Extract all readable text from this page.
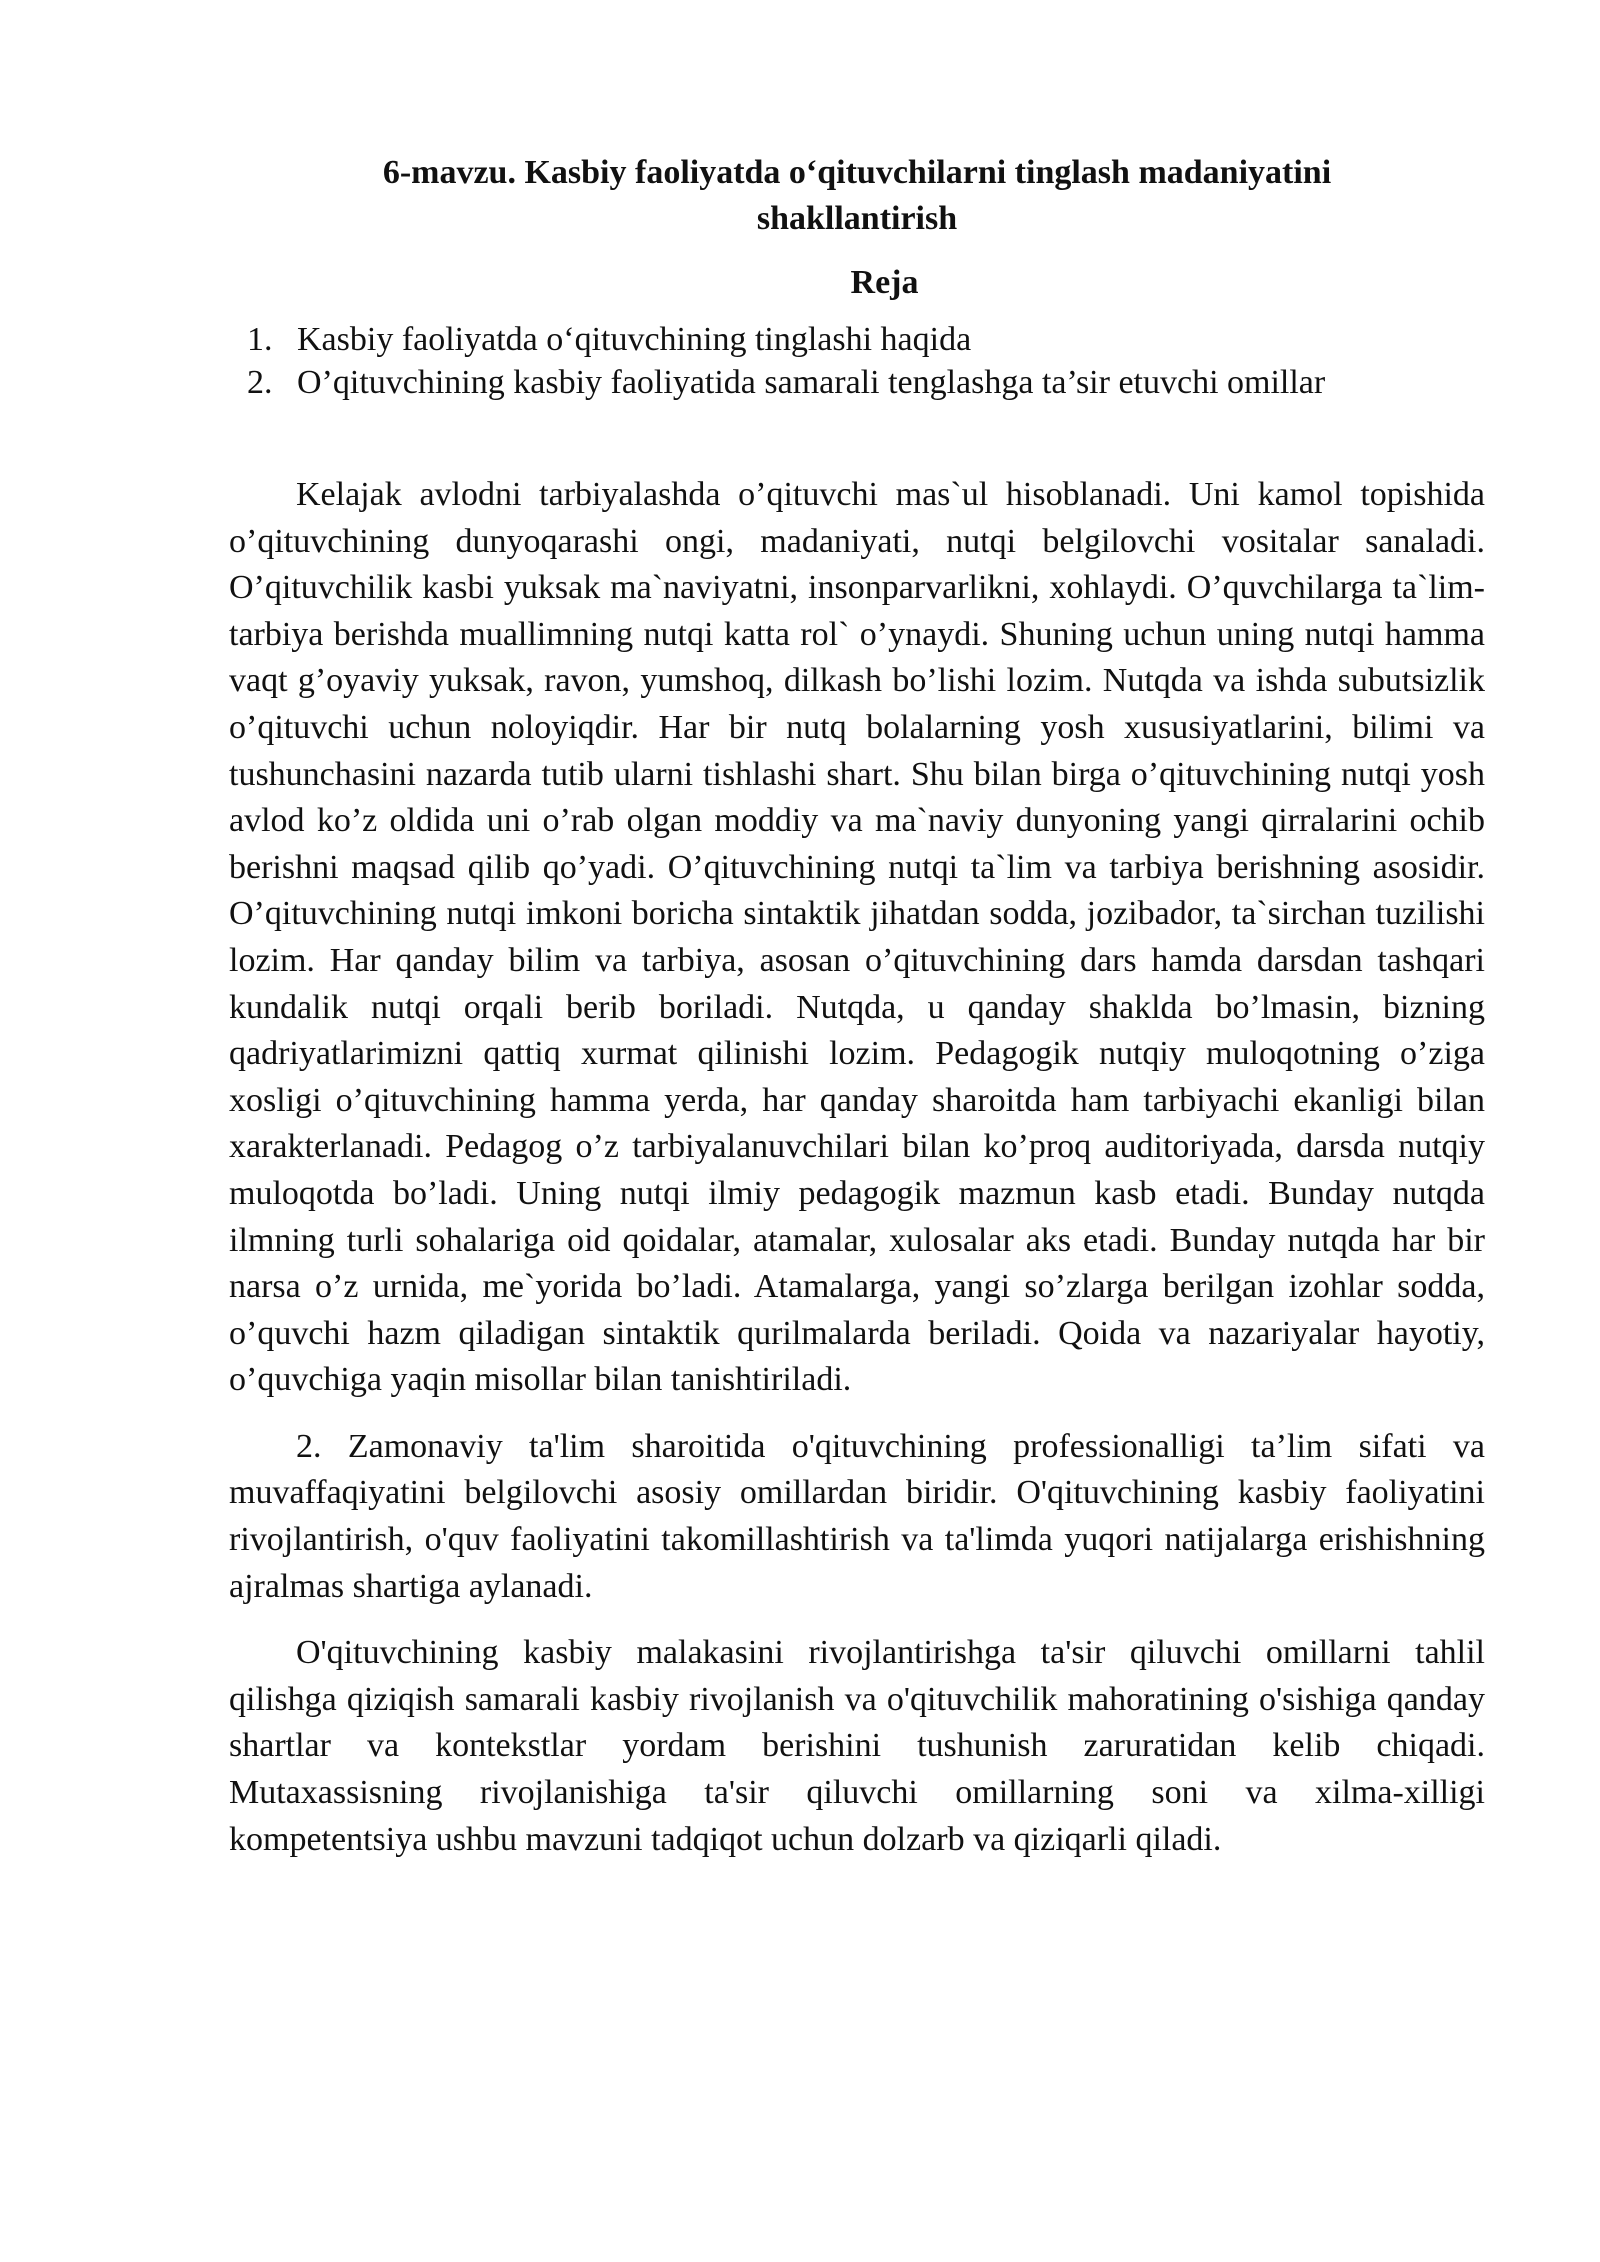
6-mavzu. Kasbiy faoliyatda o‘qituvchilarni tinglash madaniyatini shakllantirish
Reja
1. Kasbiy faoliyatda o‘qituvchining tinglashi haqida
2. O’qituvchining kasbiy faoliyatida samarali tenglashga ta’sir etuvchi omillar

Kelajak avlodni tarbiyalashda o’qituvchi mas`ul hisoblanadi. Uni kamol topishida o’qituvchining dunyoqarashi ongi, madaniyati, nutqi belgilovchi vositalar sanaladi. O’qituvchilik kasbi yuksak ma`naviyatni, insonparvarlikni, xohlaydi. O’quvchilarga ta`lim-tarbiya berishda muallimning nutqi katta rol` o’ynaydi. Shuning uchun uning nutqi hamma vaqt g’oyaviy yuksak, ravon, yumshoq, dilkash bo’lishi lozim. Nutqda va ishda subutsizlik o’qituvchi uchun noloyiqdir. Har bir nutq bolalarning yosh xususiyatlarini, bilimi va tushunchasini nazarda tutib ularni tishlashi shart. Shu bilan birga o’qituvchining nutqi yosh avlod ko’z oldida uni o’rab olgan moddiy va ma`naviy dunyoning yangi qirralarini ochib berishni maqsad qilib qo’yadi. O’qituvchining nutqi ta`lim va tarbiya berishning asosidir. O’qituvchining nutqi imkoni boricha sintaktik jihatdan sodda, jozibador, ta`sirchan tuzilishi lozim. Har qanday bilim va tarbiya, asosan o’qituvchining dars hamda darsdan tashqari kundalik nutqi orqali berib boriladi. Nutqda, u qanday shaklda bo’lmasin, bizning qadriyatlarimizni qattiq xurmat qilinishi lozim. Pedagogik nutqiy muloqotning o’ziga xosligi o’qituvchining hamma yerda, har qanday sharoitda ham tarbiyachi ekanligi bilan xarakterlanadi. Pedagog o’z tarbiyalanuvchilari bilan ko’proq auditoriyada, darsda nutqiy muloqotda bo’ladi. Uning nutqi ilmiy pedagogik mazmun kasb etadi. Bunday nutqda ilmning turli sohalariga oid qoidalar, atamalar, xulosalar aks etadi. Bunday nutqda har bir narsa o’z urnida, me`yorida bo’ladi. Atamalarga, yangi so’zlarga berilgan izohlar sodda, o’quvchi hazm qiladigan sintaktik qurilmalarda beriladi. Qoida va nazariyalar hayotiy, o’quvchiga yaqin misollar bilan tanishtiriladi.

2. Zamonaviy ta'lim sharoitida o'qituvchining professionalligi ta’lim sifati va muvaffaqiyatini belgilovchi asosiy omillardan biridir. O'qituvchining kasbiy faoliyatini rivojlantirish, o'quv faoliyatini takomillashtirish va ta'limda yuqori natijalarga erishishning ajralmas shartiga aylanadi.

O'qituvchining kasbiy malakasini rivojlantirishga ta'sir qiluvchi omillarni tahlil qilishga qiziqish samarali kasbiy rivojlanish va o'qituvchilik mahoratining o'sishiga qanday shartlar va kontekstlar yordam berishini tushunish zaruratidan kelib chiqadi. Mutaxassisning rivojlanishiga ta'sir qiluvchi omillarning soni va xilma-xilligi kompetentsiya ushbu mavzuni tadqiqot uchun dolzarb va qiziqarli qiladi.
